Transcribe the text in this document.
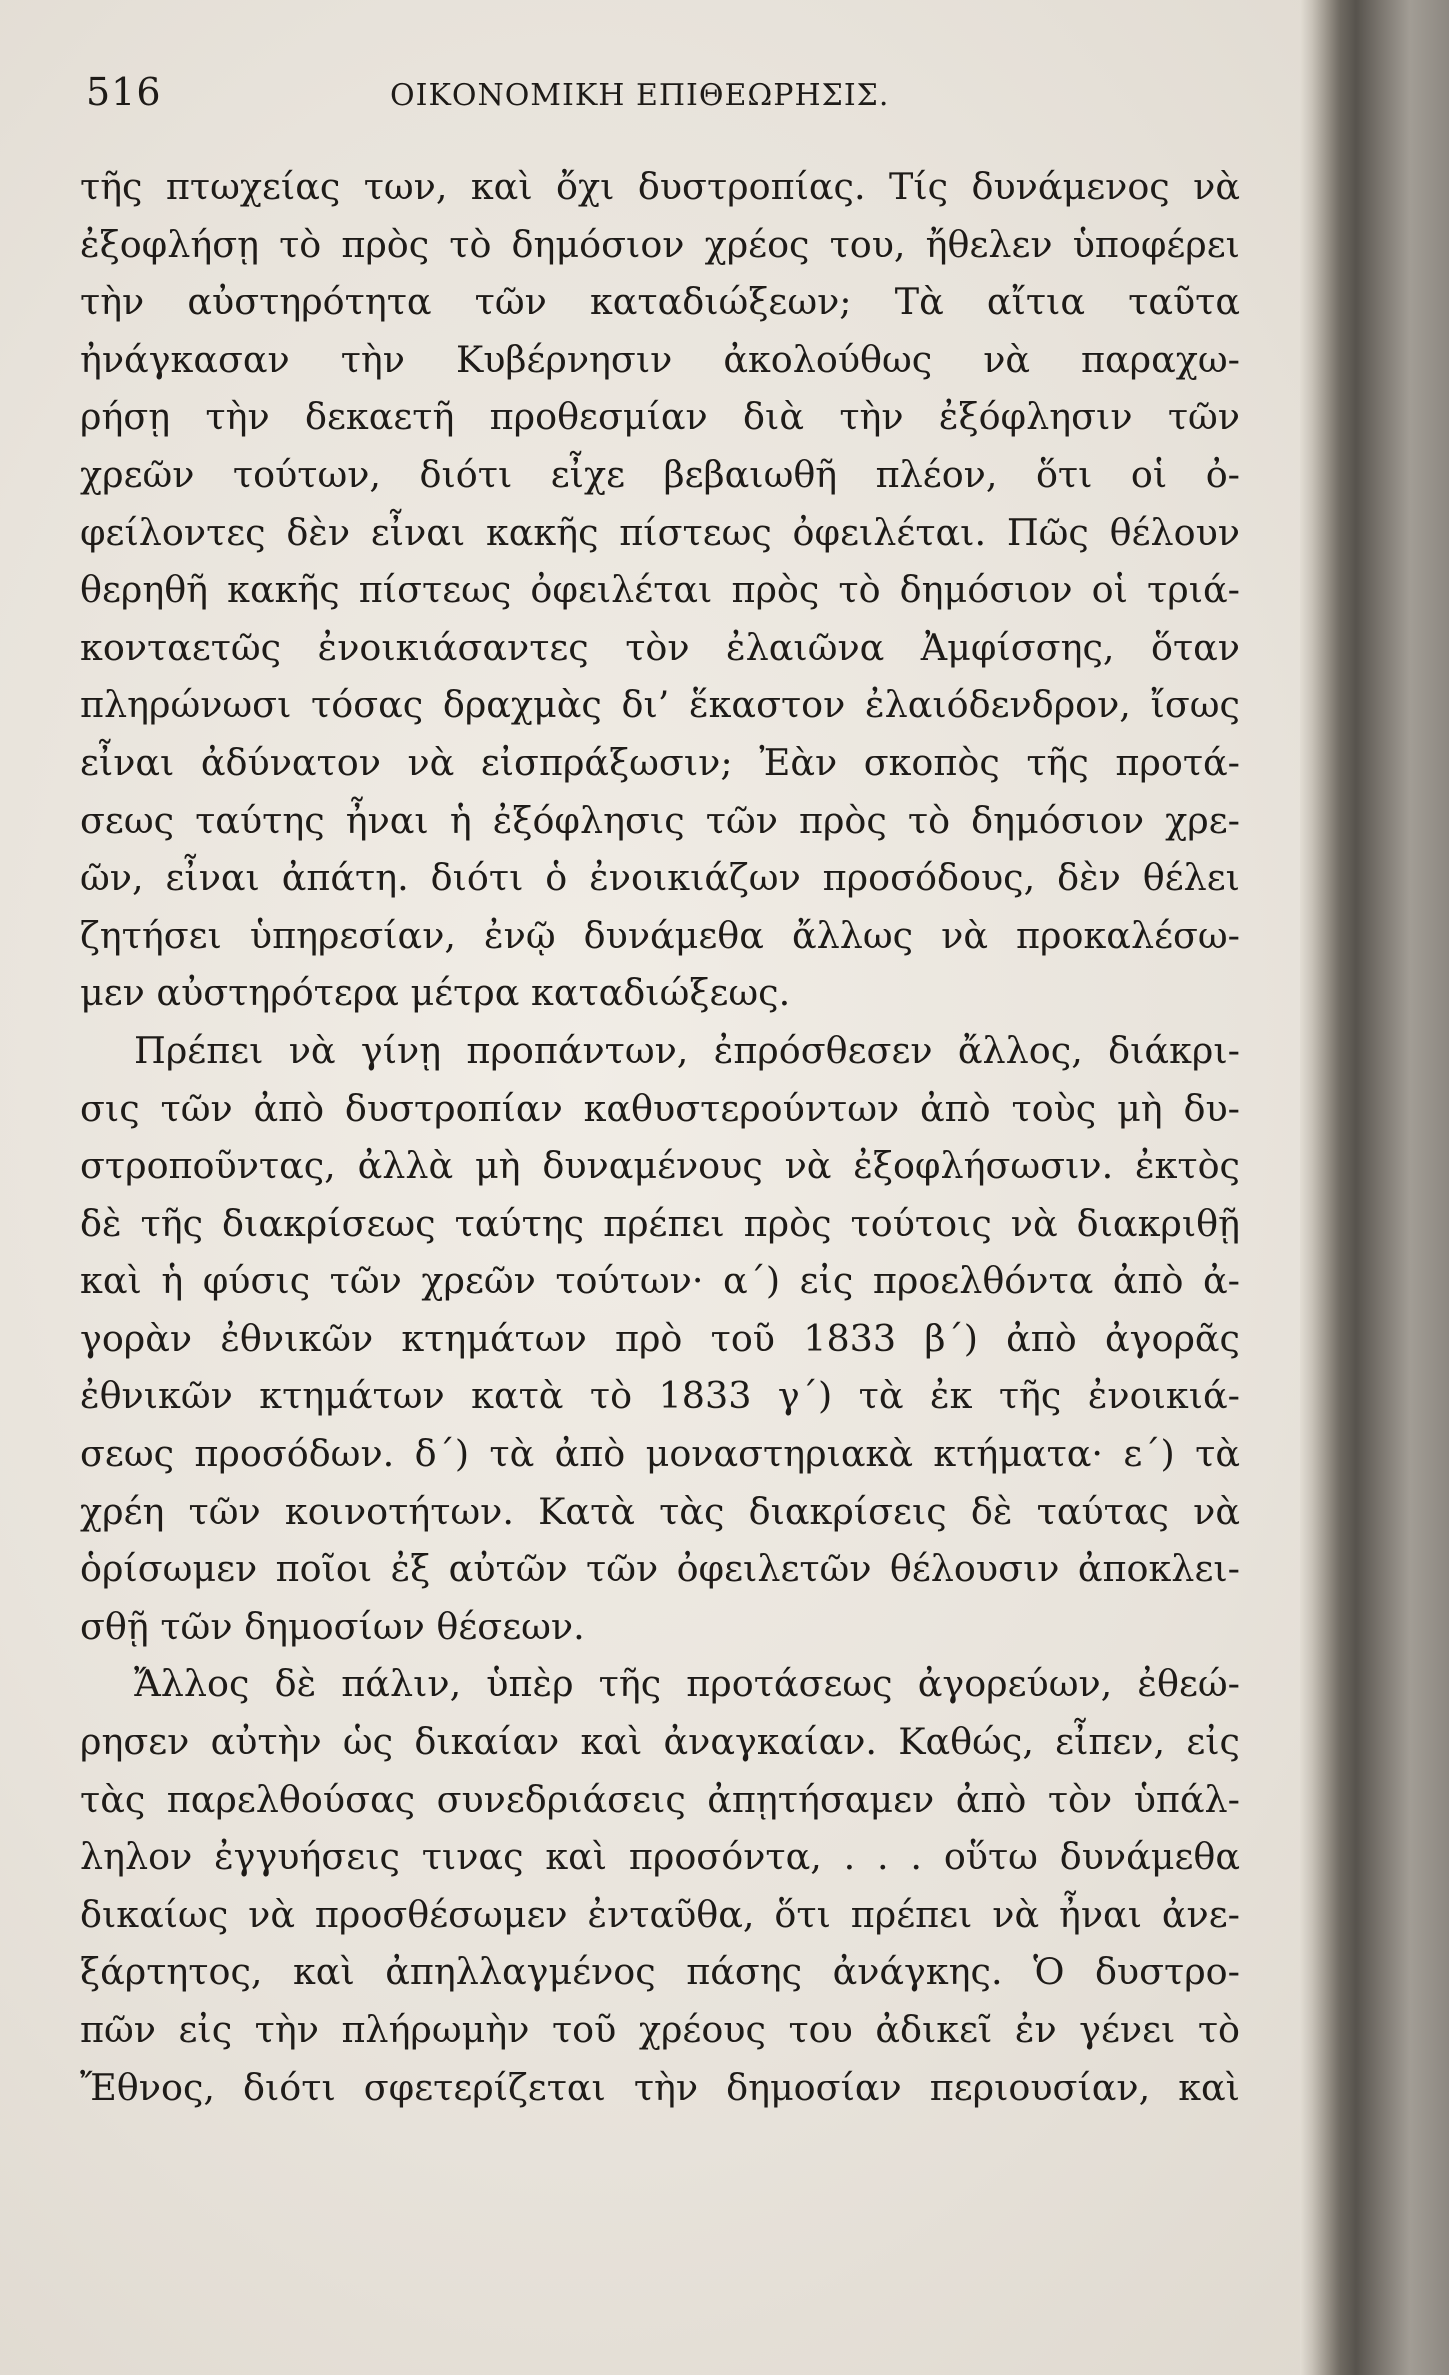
516	ΟΙΚΟΝΟΜΙΚΗ ΕΠΙΘΕΩΡΗΣΙΣ.
τῆς πτωχείας των, καὶ ὄχι δυστροπίας. Τίς δυνάμενος νὰ
ἐξοφλήσῃ τὸ πρὸς τὸ δημόσιον χρέος του, ἤθελεν ὑποφέρει
τὴν αὐστηρότητα τῶν καταδιώξεων; Τὰ αἴτια ταῦτα
ἠνάγκασαν τὴν Κυβέρνησιν ἀκολούθως νὰ παραχω-
ρήσῃ τὴν δεκαετῆ προθεσμίαν διὰ τὴν ἐξόφλησιν τῶν
χρεῶν τούτων, διότι εἶχε βεβαιωθῆ πλέον, ὅτι οἱ ὀ-
φείλοντες δὲν εἶναι κακῆς πίστεως ὀφειλέται. Πῶς θέλουν
θερηθῆ κακῆς πίστεως ὀφειλέται πρὸς τὸ δημόσιον οἱ τριά-
κονταετῶς ἐνοικιάσαντες τὸν ἐλαιῶνα Ἀμφίσσης, ὅταν
πληρώνωσι τόσας δραχμὰς δι’ ἕκαστον ἐλαιόδενδρον, ἴσως
εἶναι ἀδύνατον νὰ εἰσπράξωσιν; Ἐὰν σκοπὸς τῆς προτά-
σεως ταύτης ἦναι ἡ ἐξόφλησις τῶν πρὸς τὸ δημόσιον χρε-
ῶν, εἶναι ἀπάτη. διότι ὁ ἐνοικιάζων προσόδους, δὲν θέλει
ζητήσει ὑπηρεσίαν, ἐνῷ δυνάμεθα ἄλλως νὰ προκαλέσω-
μεν αὐστηρότερα μέτρα καταδιώξεως.
Πρέπει νὰ γίνῃ προπάντων, ἐπρόσθεσεν ἄλλος, διάκρι-
σις τῶν ἀπὸ δυστροπίαν καθυστερούντων ἀπὸ τοὺς μὴ δυ-
στροποῦντας, ἀλλὰ μὴ δυναμένους νὰ ἐξοφλήσωσιν. ἐκτὸς
δὲ τῆς διακρίσεως ταύτης πρέπει πρὸς τούτοις νὰ διακριθῇ
καὶ ἡ φύσις τῶν χρεῶν τούτων· α΄) εἰς προελθόντα ἀπὸ ἀ-
γορὰν ἐθνικῶν κτημάτων πρὸ τοῦ 1833 β΄) ἀπὸ ἀγορᾶς
ἐθνικῶν κτημάτων κατὰ τὸ 1833 γ΄) τὰ ἐκ τῆς ἐνοικιά-
σεως προσόδων. δ΄) τὰ ἀπὸ μοναστηριακὰ κτήματα· ε΄) τὰ
χρέη τῶν κοινοτήτων. Κατὰ τὰς διακρίσεις δὲ ταύτας νὰ
ὁρίσωμεν ποῖοι ἐξ αὐτῶν τῶν ὀφειλετῶν θέλουσιν ἀποκλει-
σθῇ τῶν δημοσίων θέσεων.
Ἄλλος δὲ πάλιν, ὑπὲρ τῆς προτάσεως ἀγορεύων, ἐθεώ-
ρησεν αὐτὴν ὡς δικαίαν καὶ ἀναγκαίαν. Καθώς, εἶπεν, εἰς
τὰς παρελθούσας συνεδριάσεις ἀπῃτήσαμεν ἀπὸ τὸν ὑπάλ-
ληλον ἐγγυήσεις τινας καὶ προσόντα, . . . οὕτω δυνάμεθα
δικαίως νὰ προσθέσωμεν ἐνταῦθα, ὅτι πρέπει νὰ ἦναι ἀνε-
ξάρτητος, καὶ ἀπηλλαγμένος πάσης ἀνάγκης. Ὁ δυστρο-
πῶν εἰς τὴν πλήρωμὴν τοῦ χρέους του ἀδικεῖ ἐν γένει τὸ
Ἔθνος, διότι σφετερίζεται τὴν δημοσίαν περιουσίαν, καὶ
